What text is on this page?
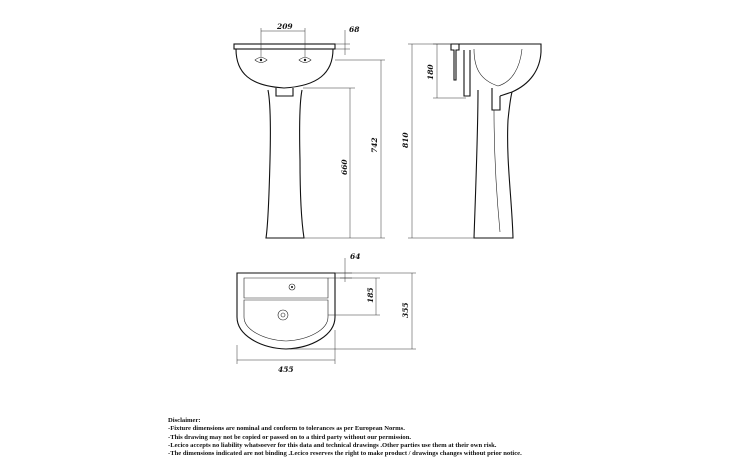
209	68
660
742
180
810
64
185
355
455
Disclaimer:
-Fixture dimensions are nominal and conform to tolerances as per European Norms.
-This drawing may not be copied or passed on to a third party without our permission.
-Lecico accepts no liability whatsoever for this data and technical drawings .Other parties use them at their own risk.
-The dimensions indicated are not binding .Lecico reserves the right to make product / drawings changes without prior notice.
